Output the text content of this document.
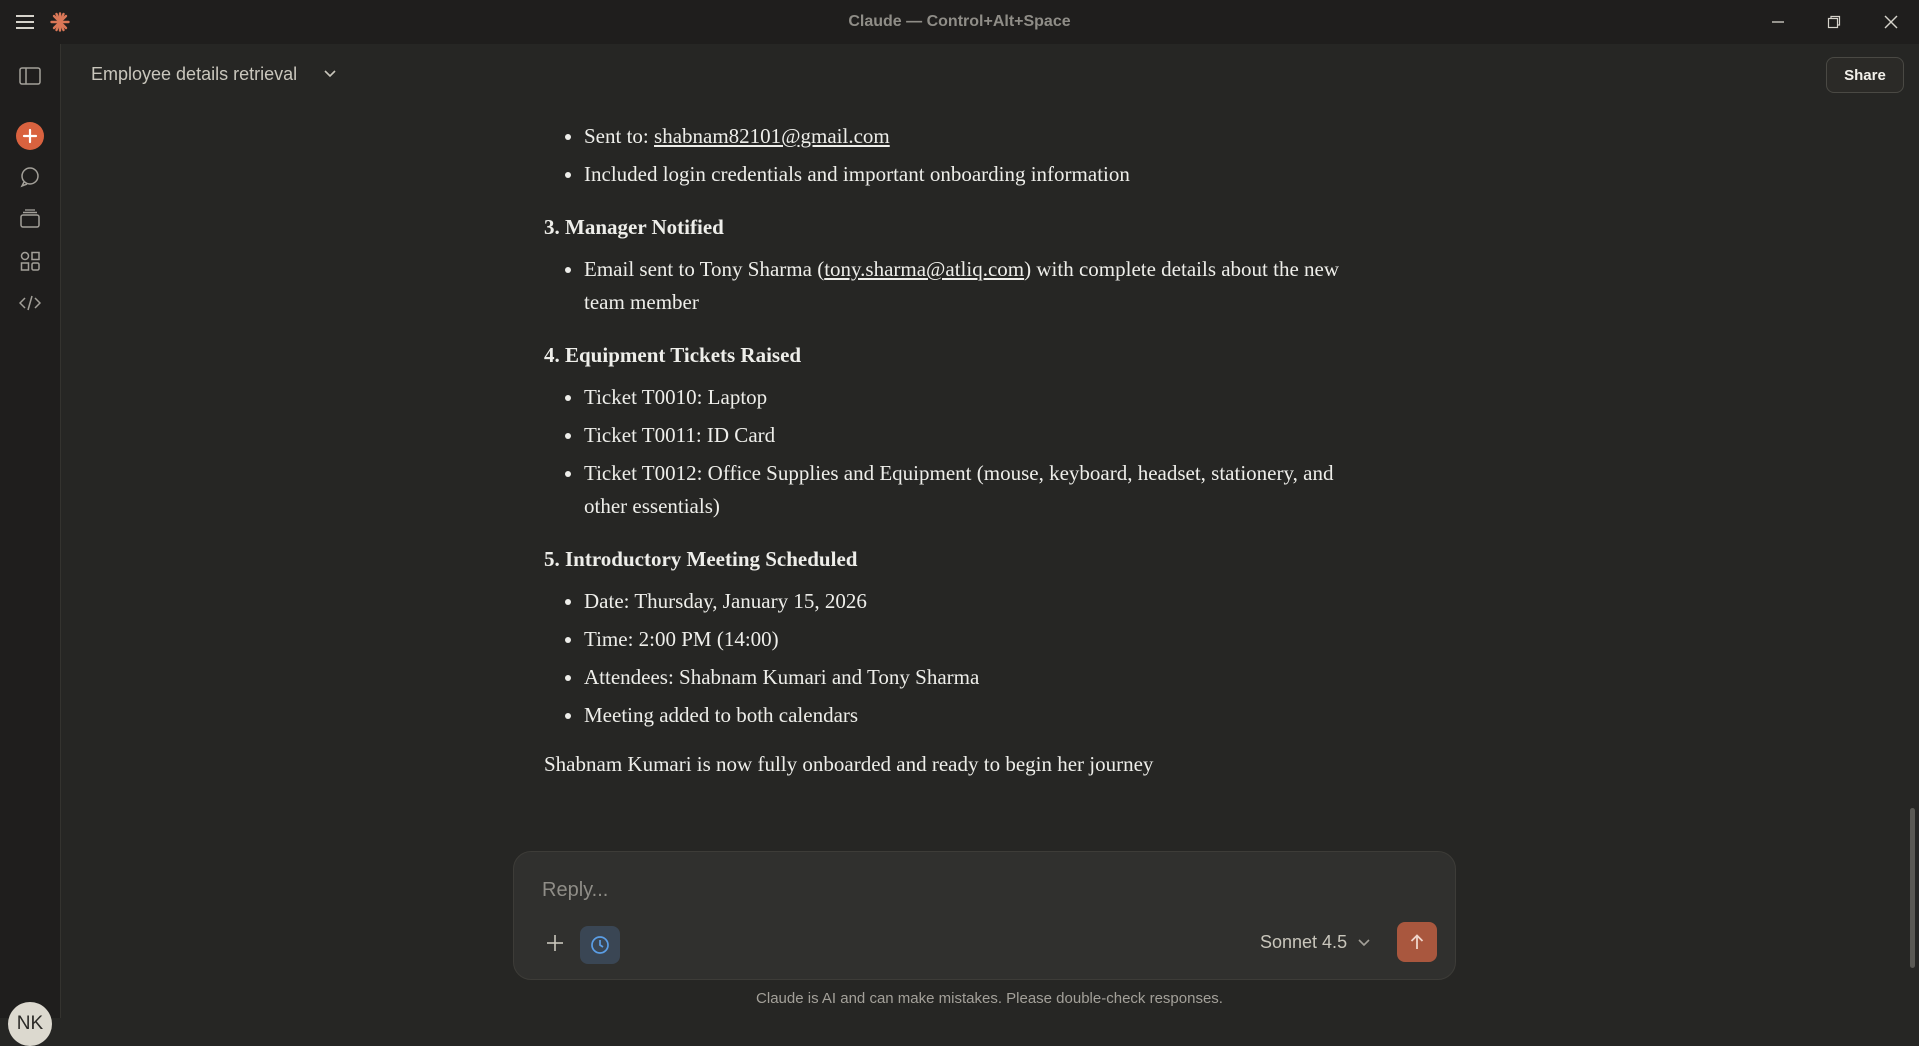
Claude — Control+Alt+Space
NK
Employee details retrieval	Share
• Sent to: shabnam82101@gmail.com
• Included login credentials and important onboarding information
3. Manager Notified
• Email sent to Tony Sharma (tony.sharma@atliq.com) with complete details about the new team member
4. Equipment Tickets Raised
• Ticket T0010: Laptop
• Ticket T0011: ID Card
• Ticket T0012: Office Supplies and Equipment (mouse, keyboard, headset, stationery, and other essentials)
5. Introductory Meeting Scheduled
• Date: Thursday, January 15, 2026
• Time: 2:00 PM (14:00)
• Attendees: Shabnam Kumari and Tony Sharma
• Meeting added to both calendars

Shabnam Kumari is now fully onboarded and ready to begin her journey

Reply...
Sonnet 4.5
Claude is AI and can make mistakes. Please double-check responses.
